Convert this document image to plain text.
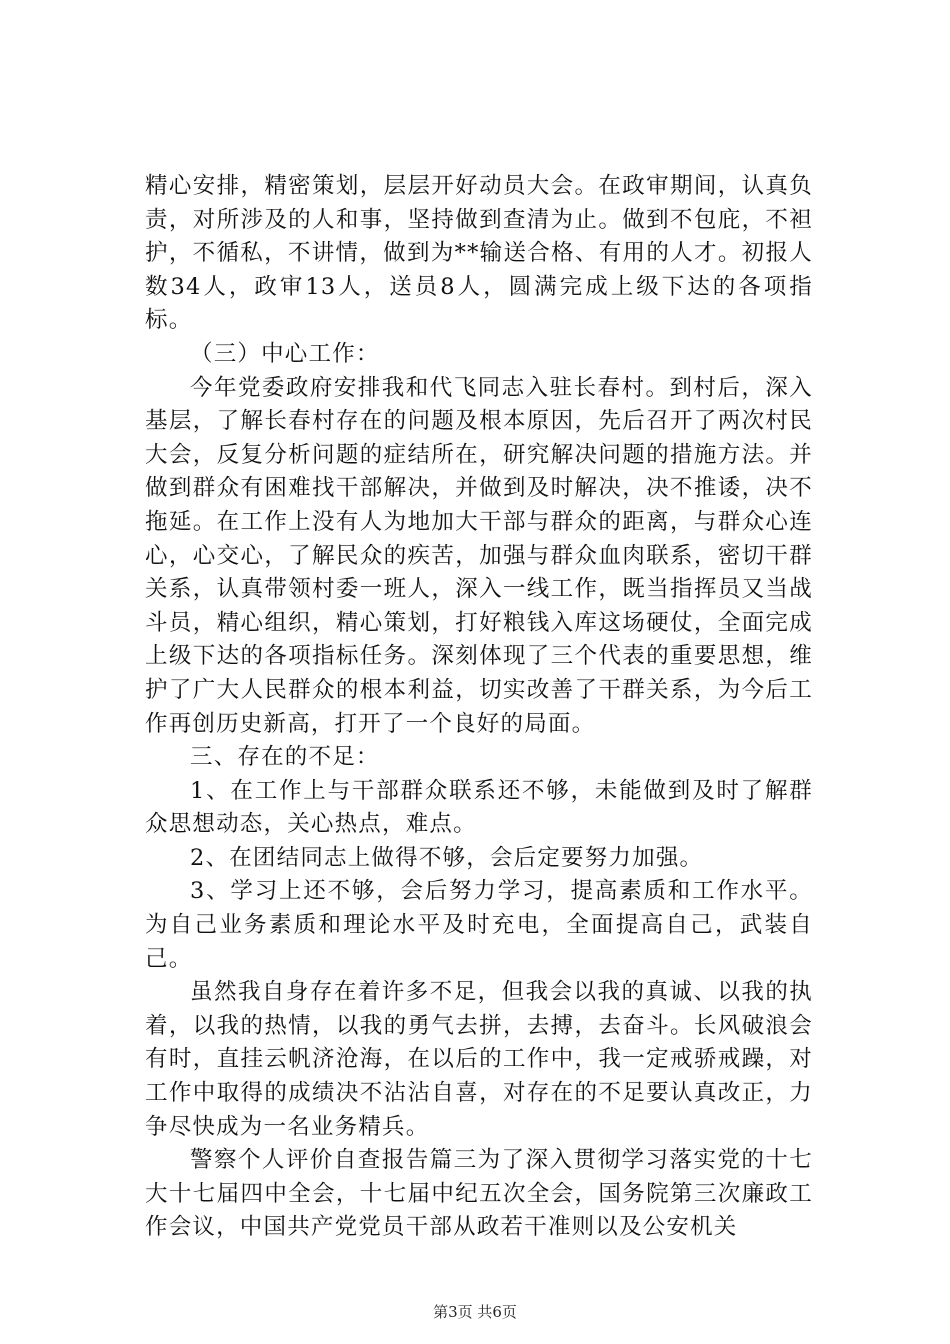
精心安排，精密策划，层层开好动员大会。在政审期间，认真负责，对所涉及的人和事，坚持做到查清为止。做到不包庇，不袒护，不循私，不讲情，做到为**输送合格、有用的人才。初报人数34人，政审13人，送员8人，圆满完成上级下达的各项指标。

（三）中心工作：

今年党委政府安排我和代飞同志入驻长春村。到村后，深入基层，了解长春村存在的问题及根本原因，先后召开了两次村民大会，反复分析问题的症结所在，研究解决问题的措施方法。并做到群众有困难找干部解决，并做到及时解决，决不推诿，决不拖延。在工作上没有人为地加大干部与群众的距离，与群众心连心，心交心，了解民众的疾苦，加强与群众血肉联系，密切干群关系，认真带领村委一班人，深入一线工作，既当指挥员又当战斗员，精心组织，精心策划，打好粮钱入库这场硬仗，全面完成上级下达的各项指标任务。深刻体现了三个代表的重要思想，维护了广大人民群众的根本利益，切实改善了干群关系，为今后工作再创历史新高，打开了一个良好的局面。

三、存在的不足：

1、在工作上与干部群众联系还不够，未能做到及时了解群众思想动态，关心热点，难点。

2、在团结同志上做得不够，会后定要努力加强。

3、学习上还不够，会后努力学习，提高素质和工作水平。为自己业务素质和理论水平及时充电，全面提高自己，武装自己。

虽然我自身存在着许多不足，但我会以我的真诚、以我的执着，以我的热情，以我的勇气去拼，去搏，去奋斗。长风破浪会有时，直挂云帆济沧海，在以后的工作中，我一定戒骄戒躁，对工作中取得的成绩决不沾沾自喜，对存在的不足要认真改正，力争尽快成为一名业务精兵。

警察个人评价自查报告篇三为了深入贯彻学习落实党的十七大十七届四中全会，十七届中纪五次全会，国务院第三次廉政工作会议，中国共产党党员干部从政若干准则以及公安机关

第3页 共6页
